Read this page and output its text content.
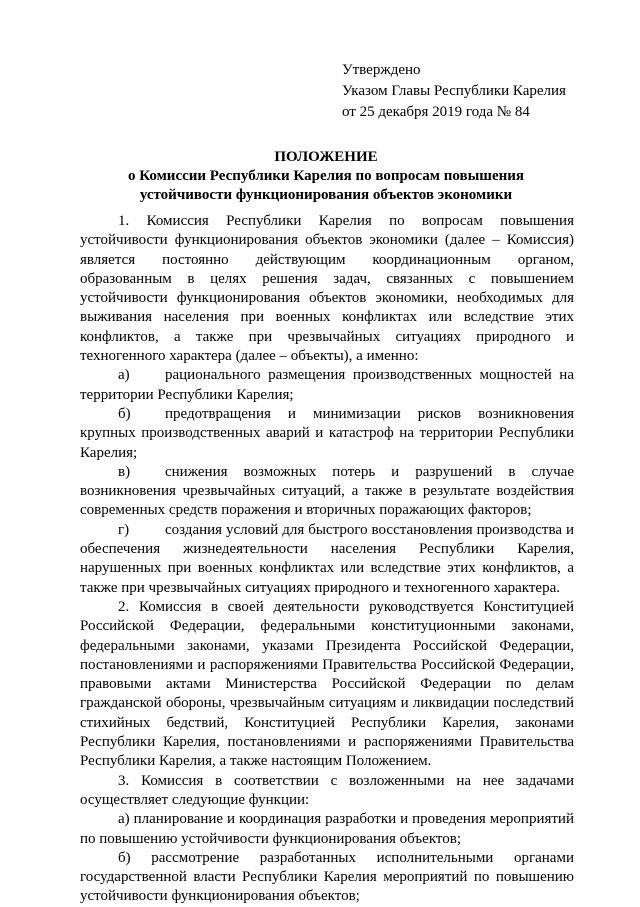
Утверждено
Указом Главы Республики Карелия
от 25 декабря 2019 года № 84
ПОЛОЖЕНИЕ
о Комиссии Республики Карелия по вопросам повышения
устойчивости функционирования объектов экономики

1. Комиссия Республики Карелия по вопросам повышения устойчивости функционирования объектов экономики (далее – Комиссия) является постоянно действующим координационным органом, образованным в целях решения задач, связанных с повышением устойчивости функционирования объектов экономики, необходимых для выживания населения при военных конфликтах или вследствие этих конфликтов, а также при чрезвычайных ситуациях природного и техногенного характера (далее – объекты), а именно:

а) рационального размещения производственных мощностей на территории Республики Карелия;

б) предотвращения и минимизации рисков возникновения крупных производственных аварий и катастроф на территории Республики Карелия;

в) снижения возможных потерь и разрушений в случае возникновения чрезвычайных ситуаций, а также в результате воздействия современных средств поражения и вторичных поражающих факторов;

г) создания условий для быстрого восстановления производства и обеспечения жизнедеятельности населения Республики Карелия, нарушенных при военных конфликтах или вследствие этих конфликтов, а также при чрезвычайных ситуациях природного и техногенного характера.

2. Комиссия в своей деятельности руководствуется Конституцией Российской Федерации, федеральными конституционными законами, федеральными законами, указами Президента Российской Федерации, постановлениями и распоряжениями Правительства Российской Федерации, правовыми актами Министерства Российской Федерации по делам гражданской обороны, чрезвычайным ситуациям и ликвидации последствий стихийных бедствий, Конституцией Республики Карелия, законами Республики Карелия, постановлениями и распоряжениями Правительства Республики Карелия, а также настоящим Положением.

3. Комиссия в соответствии с возложенными на нее задачами осуществляет следующие функции:

а) планирование и координация разработки и проведения мероприятий по повышению устойчивости функционирования объектов;

б) рассмотрение разработанных исполнительными органами государственной власти Республики Карелия мероприятий по повышению устойчивости функционирования объектов;
